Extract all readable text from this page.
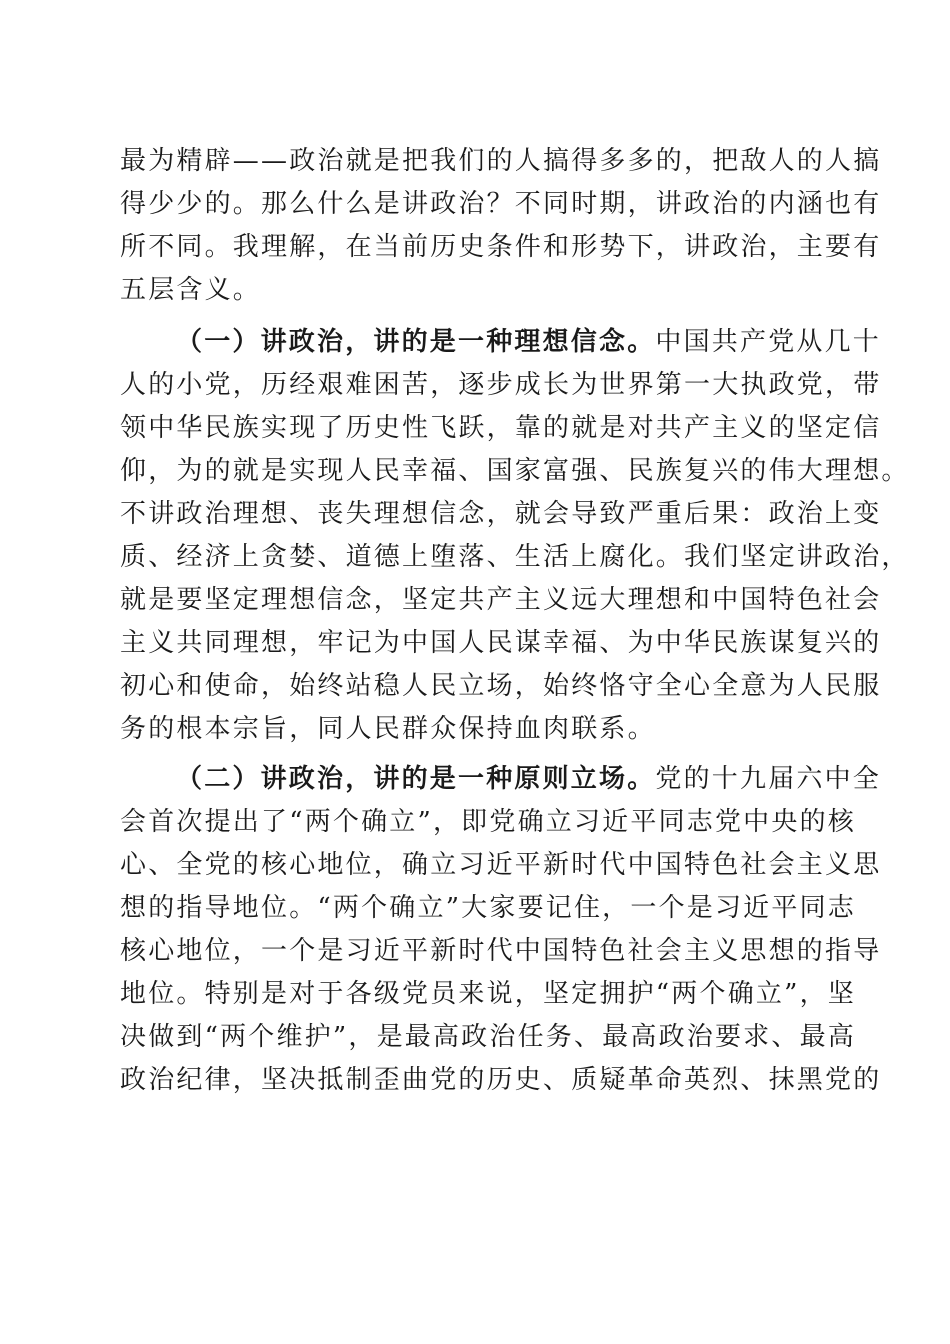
最为精辟——政治就是把我们的人搞得多多的，把敌人的人搞
得少少的。那么什么是讲政治？不同时期，讲政治的内涵也有
所不同。我理解，在当前历史条件和形势下，讲政治，主要有
五层含义。
（一）讲政治，讲的是一种理想信念。中国共产党从几十
人的小党，历经艰难困苦，逐步成长为世界第一大执政党，带
领中华民族实现了历史性飞跃，靠的就是对共产主义的坚定信
仰，为的就是实现人民幸福、国家富强、民族复兴的伟大理想。
不讲政治理想、丧失理想信念，就会导致严重后果：政治上变
质、经济上贪婪、道德上堕落、生活上腐化。我们坚定讲政治，
就是要坚定理想信念，坚定共产主义远大理想和中国特色社会
主义共同理想，牢记为中国人民谋幸福、为中华民族谋复兴的
初心和使命，始终站稳人民立场，始终恪守全心全意为人民服
务的根本宗旨，同人民群众保持血肉联系。
（二）讲政治，讲的是一种原则立场。党的十九届六中全
会首次提出了“两个确立”，即党确立习近平同志党中央的核
心、全党的核心地位，确立习近平新时代中国特色社会主义思
想的指导地位。“两个确立”大家要记住，一个是习近平同志
核心地位，一个是习近平新时代中国特色社会主义思想的指导
地位。特别是对于各级党员来说，坚定拥护“两个确立”，坚
决做到“两个维护”，是最高政治任务、最高政治要求、最高
政治纪律，坚决抵制歪曲党的历史、质疑革命英烈、抹黑党的
